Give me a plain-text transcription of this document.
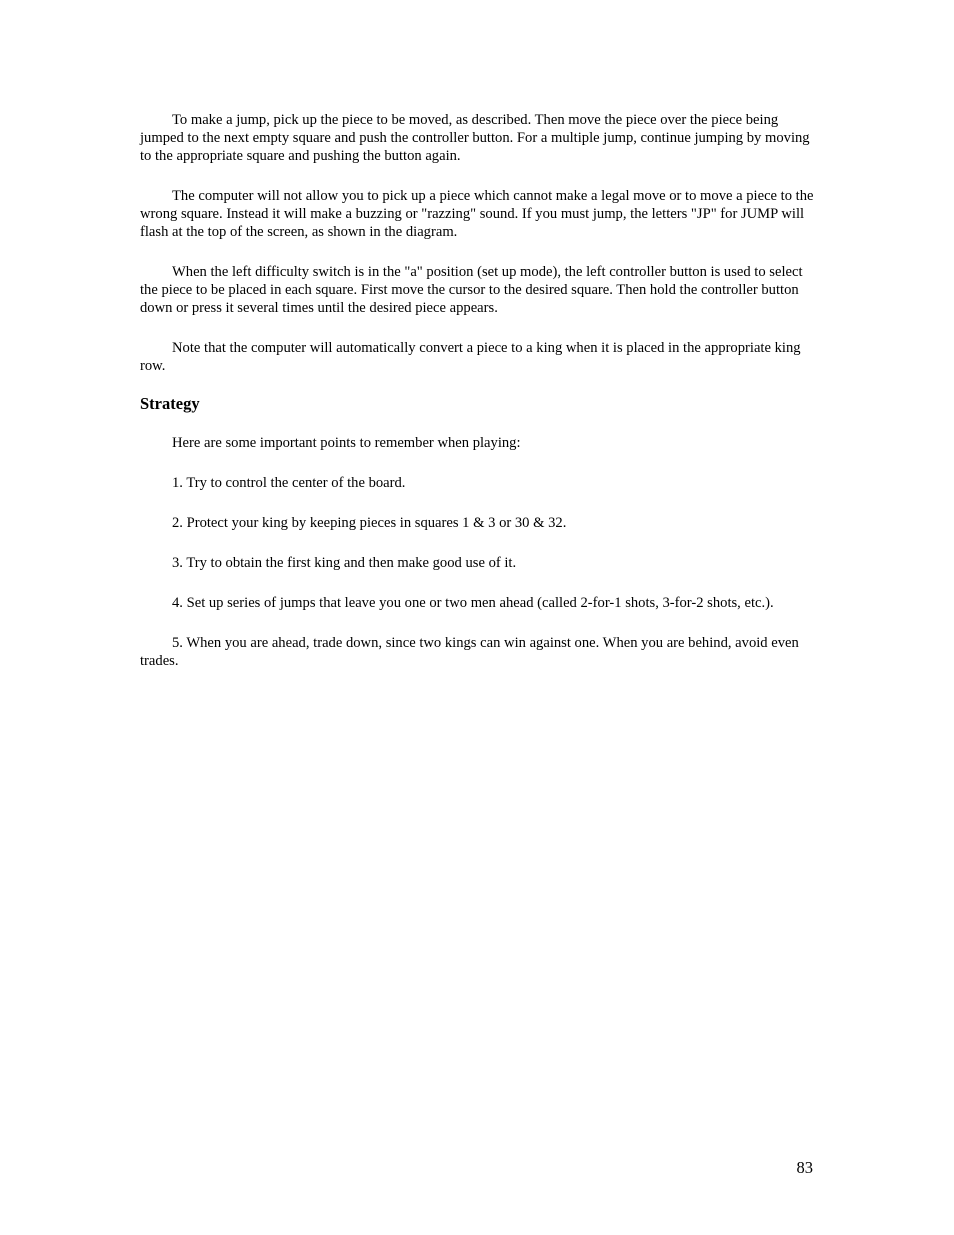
To make a jump, pick up the piece to be moved, as described. Then move the piece over the piece being jumped to the next empty square and push the controller button. For a multiple jump, continue jumping by moving to the appropriate square and pushing the button again.

The computer will not allow you to pick up a piece which cannot make a legal move or to move a piece to the wrong square. Instead it will make a buzzing or "razzing" sound. If you must jump, the letters "JP" for JUMP will flash at the top of the screen, as shown in the diagram.

When the left difficulty switch is in the "a" position (set up mode), the left controller button is used to select the piece to be placed in each square. First move the cursor to the desired square. Then hold the controller button down or press it several times until the desired piece appears.

Note that the computer will automatically convert a piece to a king when it is placed in the appropriate king row.

Strategy

Here are some important points to remember when playing:

1. Try to control the center of the board.

2. Protect your king by keeping pieces in squares 1 & 3 or 30 & 32.

3. Try to obtain the first king and then make good use of it.

4. Set up series of jumps that leave you one or two men ahead (called 2-for-1 shots, 3-for-2 shots, etc.).

5. When you are ahead, trade down, since two kings can win against one. When you are behind, avoid even trades.

83
